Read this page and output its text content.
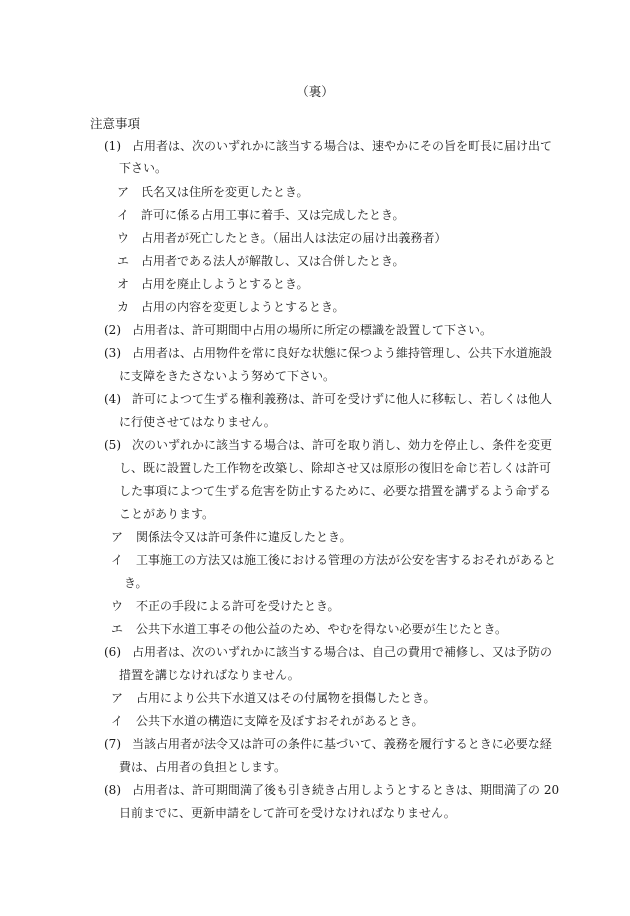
（裏）
注意事項
(1) 占用者は、次のいずれかに該当する場合は、速やかにその旨を町長に届け出て
下さい。
ア 氏名又は住所を変更したとき。
イ 許可に係る占用工事に着手、又は完成したとき。
ウ 占用者が死亡したとき。（届出人は法定の届け出義務者）
エ 占用者である法人が解散し、又は合併したとき。
オ 占用を廃止しようとするとき。
カ 占用の内容を変更しようとするとき。
(2) 占用者は、許可期間中占用の場所に所定の標識を設置して下さい。
(3) 占用者は、占用物件を常に良好な状態に保つよう維持管理し、公共下水道施設
に支障をきたさないよう努めて下さい。
(4) 許可によつて生ずる権利義務は、許可を受けずに他人に移転し、若しくは他人
に行使させてはなりません。
(5) 次のいずれかに該当する場合は、許可を取り消し、効力を停止し、条件を変更
し、既に設置した工作物を改築し、除却させ又は原形の復旧を命じ若しくは許可
した事項によつて生ずる危害を防止するために、必要な措置を講ずるよう命ずる
ことがあります。
ア 関係法令又は許可条件に違反したとき。
イ 工事施工の方法又は施工後における管理の方法が公安を害するおそれがあると
き。
ウ 不正の手段による許可を受けたとき。
エ 公共下水道工事その他公益のため、やむを得ない必要が生じたとき。
(6) 占用者は、次のいずれかに該当する場合は、自己の費用で補修し、又は予防の
措置を講じなければなりません。
ア 占用により公共下水道又はその付属物を損傷したとき。
イ 公共下水道の構造に支障を及ぼすおそれがあるとき。
(7) 当該占用者が法令又は許可の条件に基づいて、義務を履行するときに必要な経
費は、占用者の負担とします。
(8) 占用者は、許可期間満了後も引き続き占用しようとするときは、期間満了の 20
日前までに、更新申請をして許可を受けなければなりません。
